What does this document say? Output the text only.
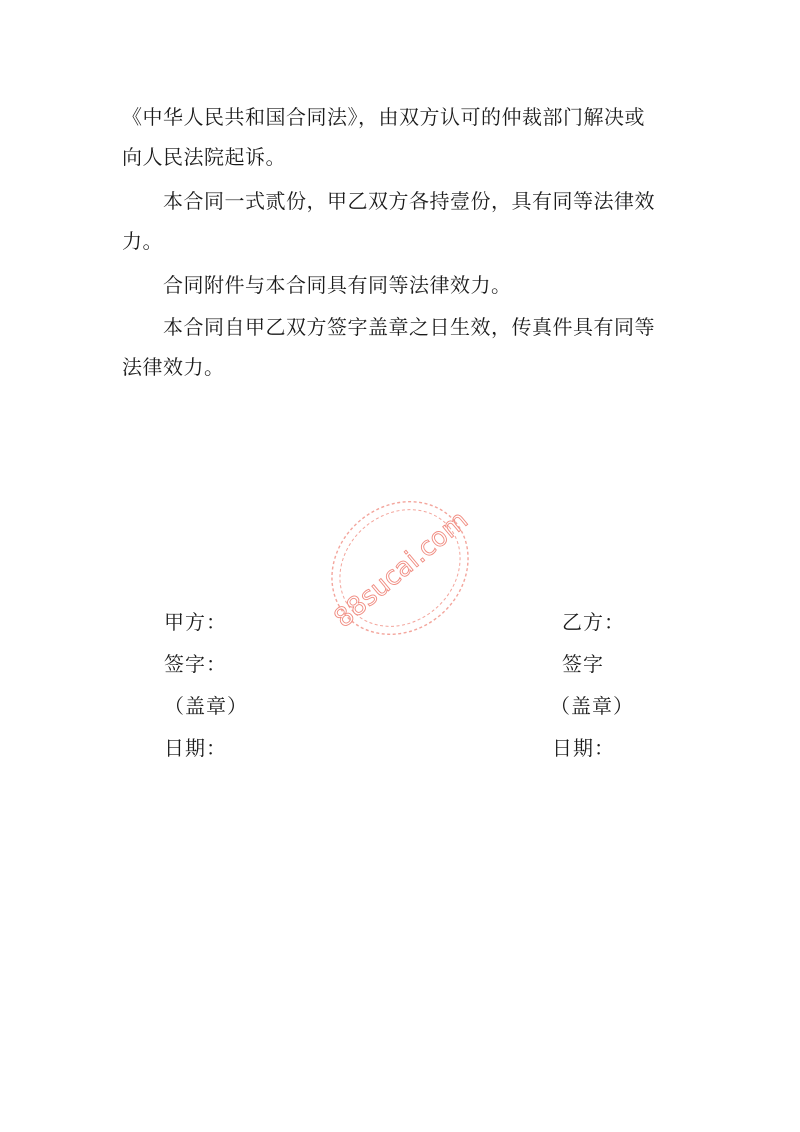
《中华人民共和国合同法》，由双方认可的仲裁部门解决或
向人民法院起诉。

本合同一式贰份，甲乙双方各持壹份，具有同等法律效
力。

合同附件与本合同具有同等法律效力。

本合同自甲乙双方签字盖章之日生效，传真件具有同等
法律效力。

88sucai.com
甲方：
签字：
（盖章）
日期：
乙方：
签字
（盖章）
日期：
